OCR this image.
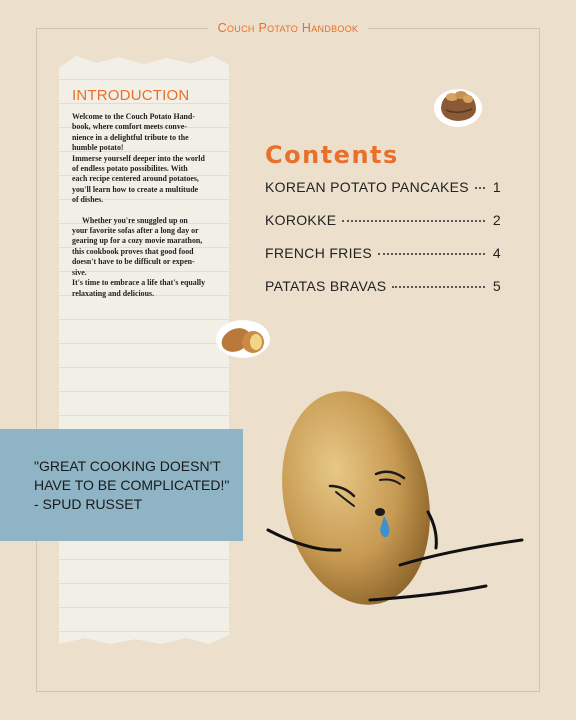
Couch Potato Handbook
INTRODUCTION

Welcome to the Couch Potato Hand-

book, where comfort meets conve-

nience in a delightful tribute to the

humble potato!

Immerse yourself deeper into the world

of endless potato possibilites. With

each recipe centered around potatoes,

you'll learn how to create a multitude

of dishes.

Whether you're snuggled up on

your favorite sofas after a long day or

gearing up for a cozy movie marathon,

this cookbook proves that good food

doesn't have to be difficult or expen-

sive.

It's time to embrace a life that's equally

relaxating and delicious.

"GREAT COOKING DOESN'T
HAVE TO BE COMPLICATED!"
- SPUD RUSSET
Contents
KOREAN POTATO PANCAKES 1
KOROKKE	2
FRENCH FRIES	4
PATATAS BRAVAS	5
